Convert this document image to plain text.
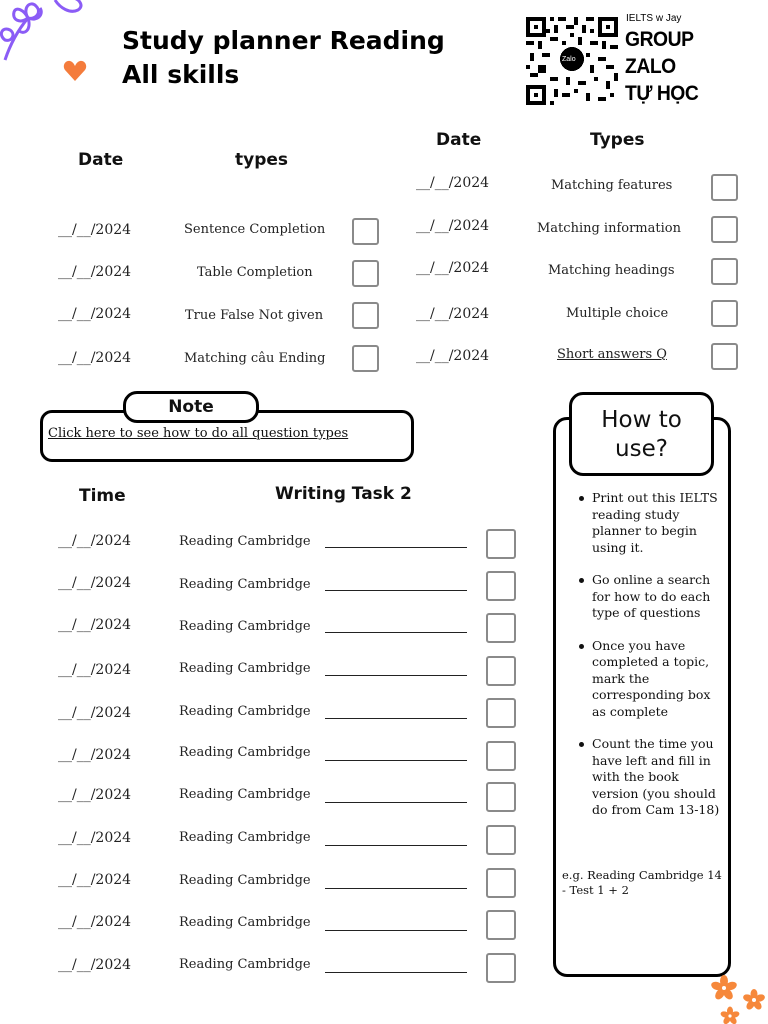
Study planner Reading
All skills
Zalo
IELTS w Jay
GROUP
ZALO
TỰ HỌC
Date	types
__/__/2024	Sentence Completion
__/__/2024	Table Completion
__/__/2024	True False Not given
__/__/2024	Matching câu Ending
Date	Types
__/__/2024	Matching features
__/__/2024	Matching information
__/__/2024	Matching headings
__/__/2024	Multiple choice
__/__/2024	Short answers Q
Note
Click here to see how to do all question types
Time	Writing Task 2
__/__/2024	Reading Cambridge
__/__/2024	Reading Cambridge
__/__/2024	Reading Cambridge
__/__/2024	Reading Cambridge
__/__/2024	Reading Cambridge
__/__/2024	Reading Cambridge
__/__/2024	Reading Cambridge
__/__/2024	Reading Cambridge
__/__/2024	Reading Cambridge
__/__/2024	Reading Cambridge
__/__/2024	Reading Cambridge
How to
use?
Print out this IELTS reading study planner to begin using it.
Go online a search for how to do each type of questions
Once you have completed a topic, mark the corresponding box as complete
Count the time you have left and fill in with the book version (you should do from Cam 13-18)
e.g. Reading Cambridge 14 - Test 1 + 2
